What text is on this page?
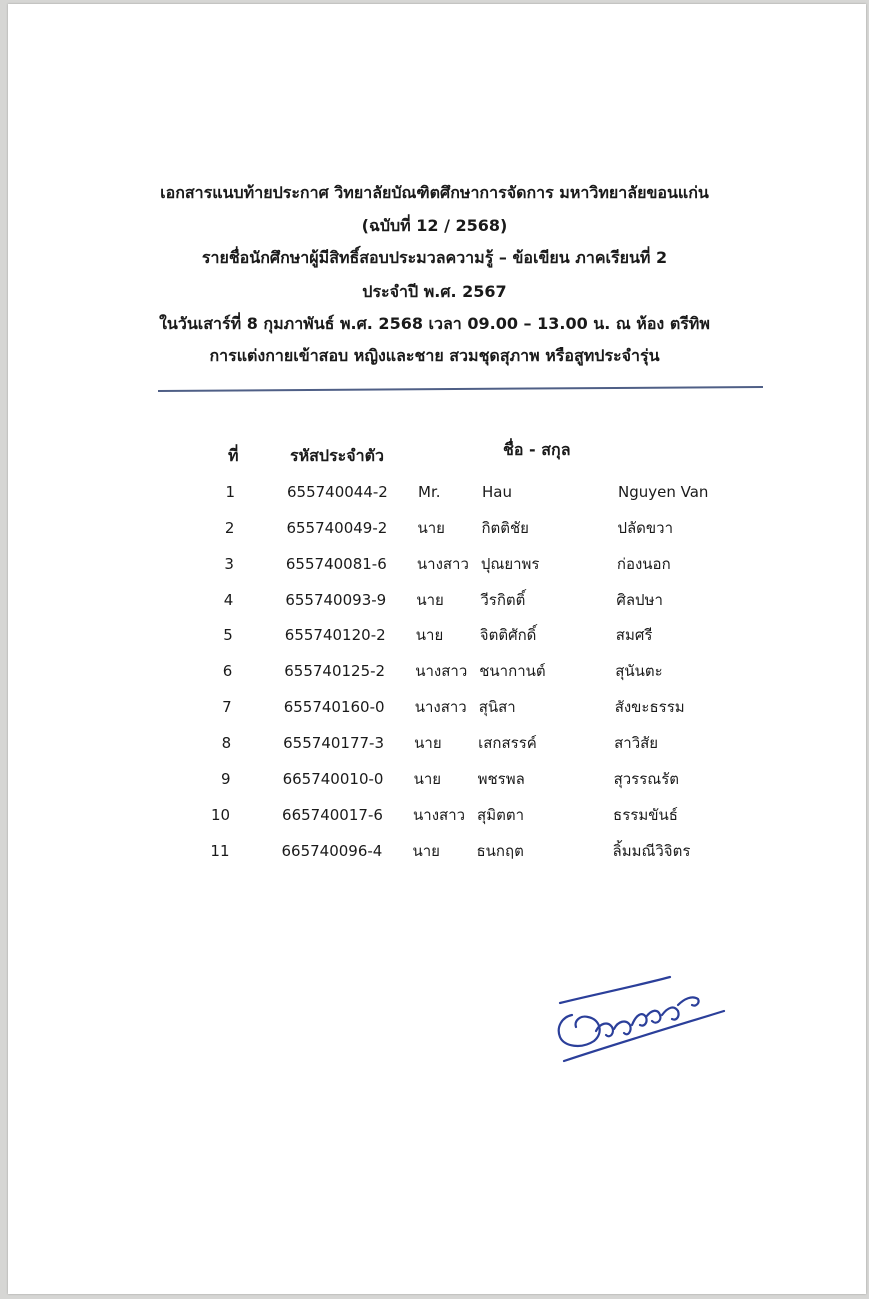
เอกสารแนบท้ายประกาศ วิทยาลัยบัณฑิตศึกษาการจัดการ มหาวิทยาลัยขอนแก่น
(ฉบับที่ 12 / 2568)
รายชื่อนักศึกษาผู้มีสิทธิ์สอบประมวลความรู้ – ข้อเขียน ภาคเรียนที่ 2
ประจำปี พ.ศ. 2567
ในวันเสาร์ที่ 8 กุมภาพันธ์ พ.ศ. 2568 เวลา 09.00 – 13.00 น. ณ ห้อง ตรีทิพ
การแต่งกายเข้าสอบ หญิงและชาย สวมชุดสุภาพ หรือสูทประจำรุ่น
ที่	รหัสประจำตัว	ชื่อ - สกุล
1	655740044-2 Mr.	Hau	Nguyen Van
2	655740049-2 นาย กิตติชัย	ปลัดขวา
3	655740081-6 นางสาว ปุณยาพร	ก่องนอก
4	655740093-9 นาย วีรกิตติ์	ศิลปษา
5	655740120-2 นาย จิตติศักดิ์	สมศรี
6	655740125-2 นางสาว ชนากานต์	สุนันตะ
7	655740160-0 นางสาว สุนิสา	สังขะธรรม
8	655740177-3 นาย เสกสรรค์	สาวิสัย
9	665740010-0 นาย พชรพล	สุวรรณรัต
10	665740017-6 นางสาว สุมิตตา	ธรรมขันธ์
11	665740096-4 นาย ธนกฤต	ลิ้มมณีวิจิตร
